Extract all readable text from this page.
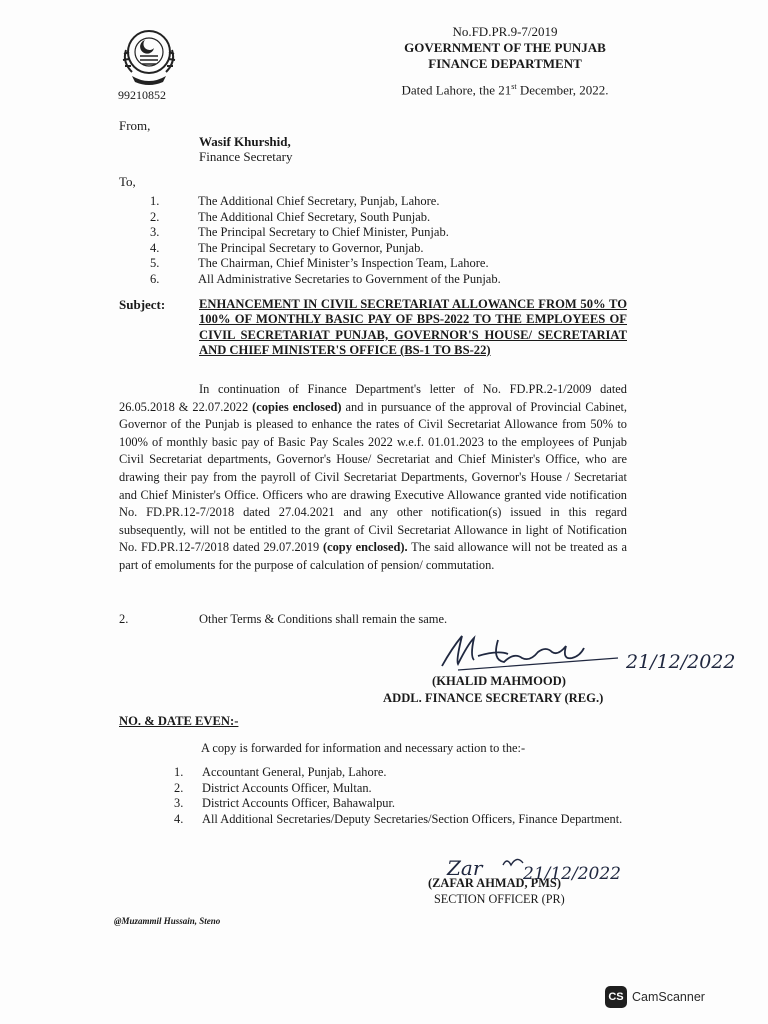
99210852
No.FD.PR.9-7/2019
GOVERNMENT OF THE PUNJAB
FINANCE DEPARTMENT
Dated Lahore, the 21st December, 2022.
From,
Wasif Khurshid,
Finance Secretary
To,
1.	The Additional Chief Secretary, Punjab, Lahore.
2.	The Additional Chief Secretary, South Punjab.
3.	The Principal Secretary to Chief Minister, Punjab.
4.	The Principal Secretary to Governor, Punjab.
5.	The Chairman, Chief Minister’s Inspection Team, Lahore.
6.	All Administrative Secretaries to Government of the Punjab.
Subject:	ENHANCEMENT IN CIVIL SECRETARIAT ALLOWANCE FROM 50% TO 100% OF MONTHLY BASIC PAY OF BPS-2022 TO THE EMPLOYEES OF CIVIL SECRETARIAT PUNJAB, GOVERNOR'S HOUSE/ SECRETARIAT AND CHIEF MINISTER'S OFFICE (BS-1 TO BS-22)
In continuation of Finance Department's letter of No. FD.PR.2-1/2009 dated 26.05.2018 & 22.07.2022 (copies enclosed) and in pursuance of the approval of Provincial Cabinet, Governor of the Punjab is pleased to enhance the rates of Civil Secretariat Allowance from 50% to 100% of monthly basic pay of Basic Pay Scales 2022 w.e.f. 01.01.2023 to the employees of Punjab Civil Secretariat departments, Governor's House/ Secretariat and Chief Minister's Office, who are drawing their pay from the payroll of Civil Secretariat Departments, Governor's House / Secretariat and Chief Minister's Office. Officers who are drawing Executive Allowance granted vide notification No. FD.PR.12-7/2018 dated 27.04.2021 and any other notification(s) issued in this regard subsequently, will not be entitled to the grant of Civil Secretariat Allowance in light of Notification No. FD.PR.12-7/2018 dated 29.07.2019 (copy enclosed). The said allowance will not be treated as a part of emoluments for the purpose of calculation of pension/ commutation.
2.	Other Terms & Conditions shall remain the same.
21/12/2022
(KHALID MAHMOOD)
ADDL. FINANCE SECRETARY (REG.)
NO. & DATE EVEN:-
A copy is forwarded for information and necessary action to the:-
1.	Accountant General, Punjab, Lahore.
2.	District Accounts Officer, Multan.
3.	District Accounts Officer, Bahawalpur.
4.	All Additional Secretaries/Deputy Secretaries/Section Officers, Finance Department.
Zar 21/12/2022
(ZAFAR AHMAD, PMS)
SECTION OFFICER (PR)
@Muzammil Hussain, Steno
CS CamScanner
